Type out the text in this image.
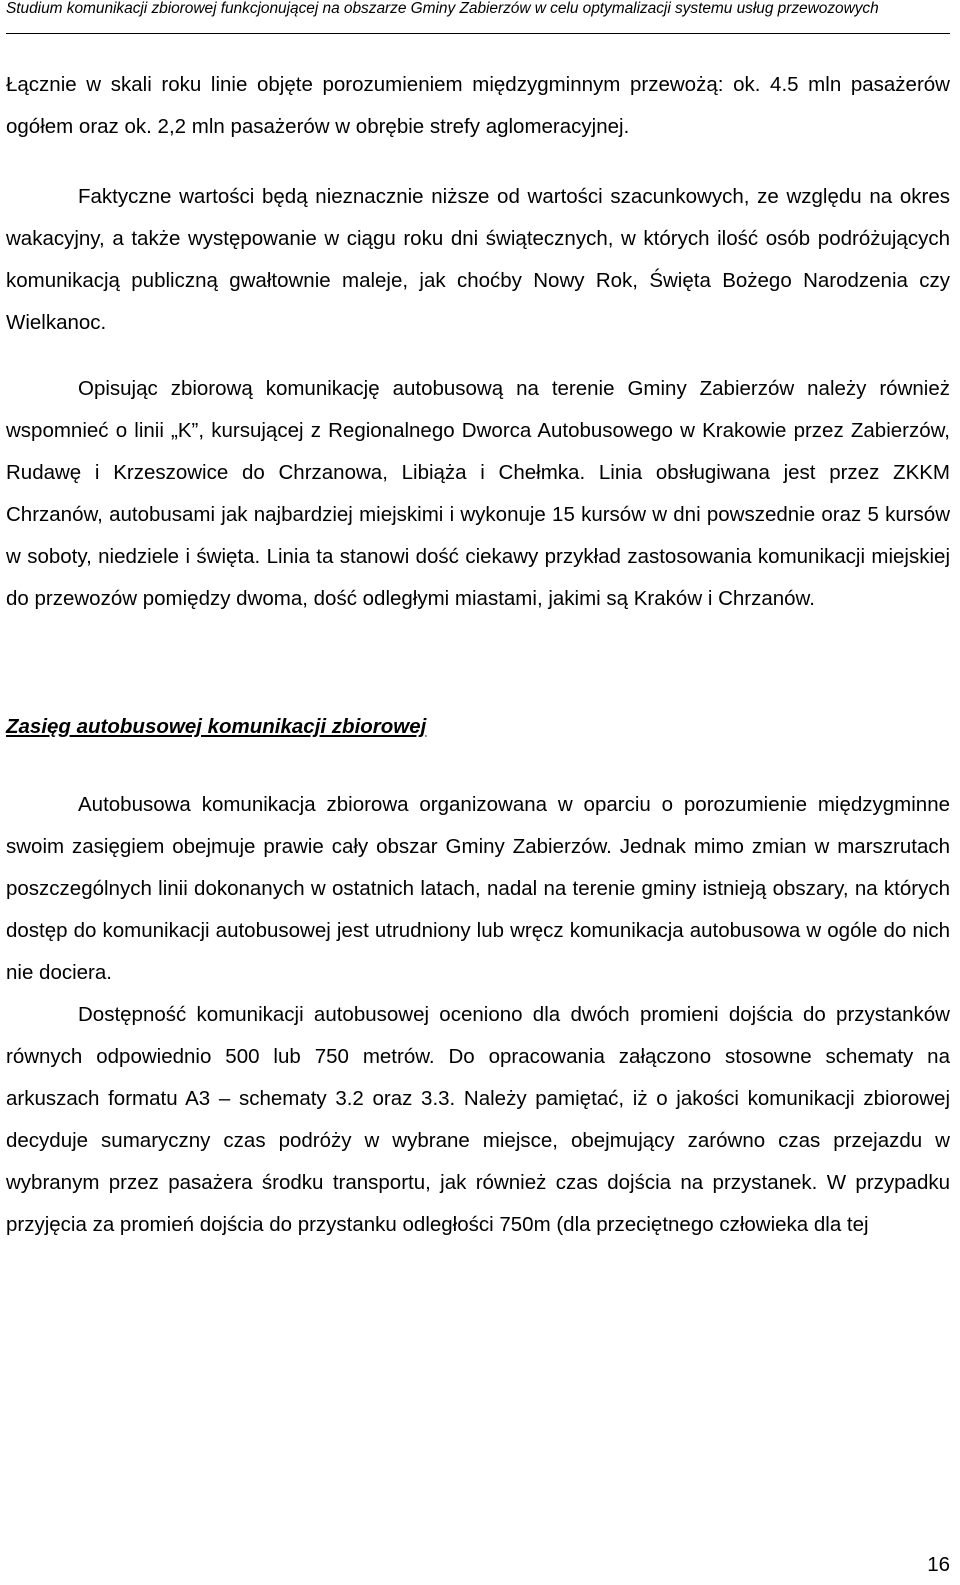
Studium komunikacji zbiorowej funkcjonującej na obszarze Gminy Zabierzów w celu optymalizacji systemu usług przewozowych

Łącznie w skali roku linie objęte porozumieniem międzygminnym przewożą: ok. 4.5 mln pasażerów ogółem oraz ok. 2,2 mln pasażerów w obrębie strefy aglomeracyjnej.

Faktyczne wartości będą nieznacznie niższe od wartości szacunkowych, ze względu na okres wakacyjny, a także występowanie w ciągu roku dni świątecznych, w których ilość osób podróżujących komunikacją publiczną gwałtownie maleje, jak choćby Nowy Rok, Święta Bożego Narodzenia czy Wielkanoc.

Opisując zbiorową komunikację autobusową na terenie Gminy Zabierzów należy również wspomnieć o linii „K”, kursującej z Regionalnego Dworca Autobusowego w Krakowie przez Zabierzów, Rudawę i Krzeszowice do Chrzanowa, Libiąża i Chełmka. Linia obsługiwana jest przez ZKKM Chrzanów, autobusami jak najbardziej miejskimi i wykonuje 15 kursów w dni powszednie oraz 5 kursów w soboty, niedziele i święta. Linia ta stanowi dość ciekawy przykład zastosowania komunikacji miejskiej do przewozów pomiędzy dwoma, dość odległymi miastami, jakimi są Kraków i Chrzanów.

Zasięg autobusowej komunikacji zbiorowej

Autobusowa komunikacja zbiorowa organizowana w oparciu o porozumienie międzygminne swoim zasięgiem obejmuje prawie cały obszar Gminy Zabierzów. Jednak mimo zmian w marszrutach poszczególnych linii dokonanych w ostatnich latach, nadal na terenie gminy istnieją obszary, na których dostęp do komunikacji autobusowej jest utrudniony lub wręcz komunikacja autobusowa w ogóle do nich nie dociera.

Dostępność komunikacji autobusowej oceniono dla dwóch promieni dojścia do przystanków równych odpowiednio 500 lub 750 metrów. Do opracowania załączono stosowne schematy na arkuszach formatu A3 – schematy 3.2 oraz 3.3. Należy pamiętać, iż o jakości komunikacji zbiorowej decyduje sumaryczny czas podróży w wybrane miejsce, obejmujący zarówno czas przejazdu w wybranym przez pasażera środku transportu, jak również czas dojścia na przystanek. W przypadku przyjęcia za promień dojścia do przystanku odległości 750m (dla przeciętnego człowieka dla tej

16
